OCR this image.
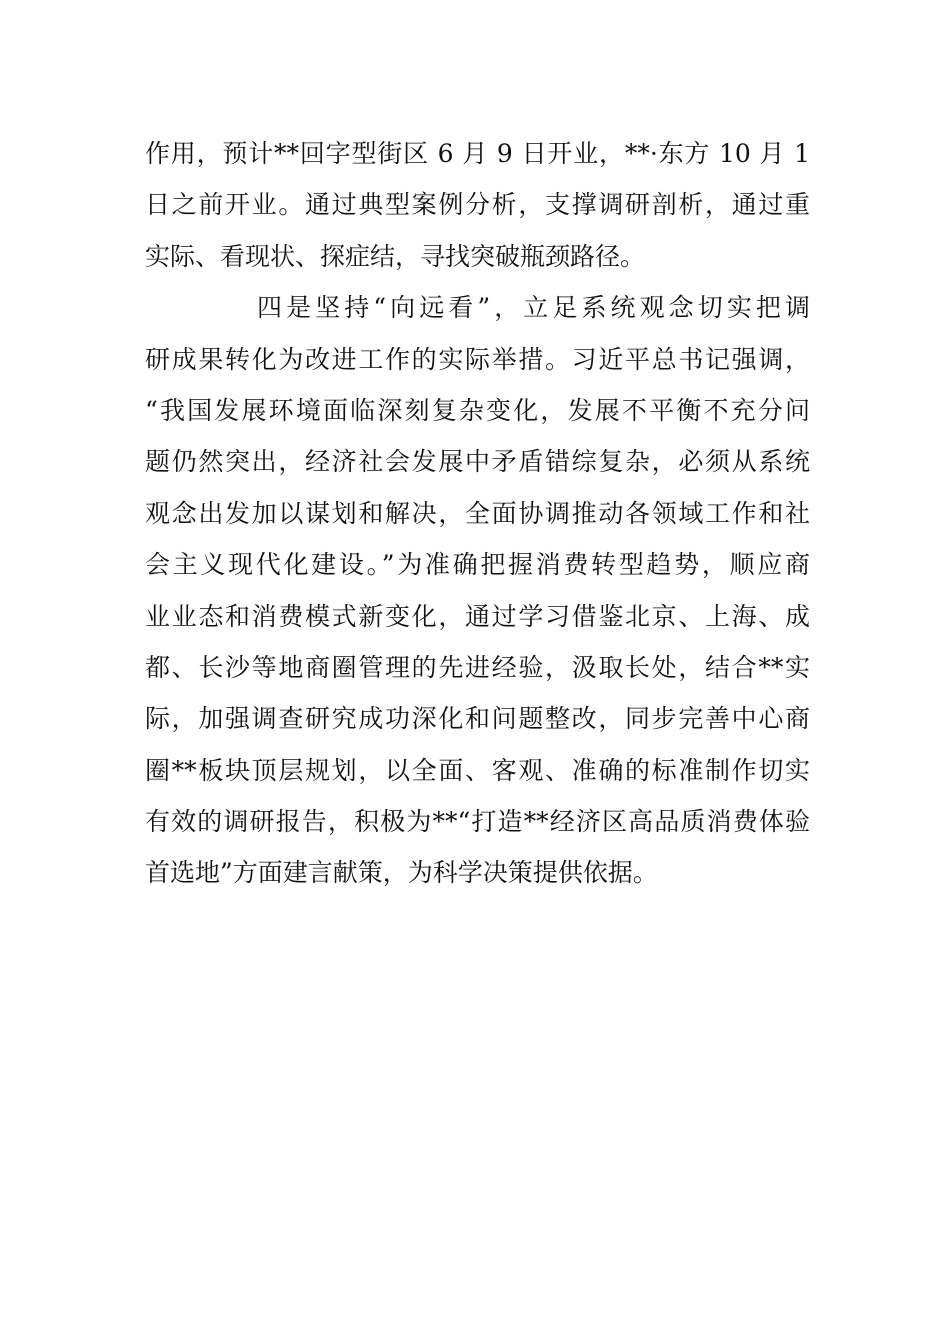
作用，预计**回字型街区 6 月 9 日开业，**·东方 10 月 1
日之前开业。通过典型案例分析，支撑调研剖析，通过重
实际、看现状、探症结，寻找突破瓶颈路径。
四是坚持“向远看”，立足系统观念切实把调
研成果转化为改进工作的实际举措。习近平总书记强调，
“我国发展环境面临深刻复杂变化，发展不平衡不充分问
题仍然突出，经济社会发展中矛盾错综复杂，必须从系统
观念出发加以谋划和解决，全面协调推动各领域工作和社
会主义现代化建设。”为准确把握消费转型趋势，顺应商
业业态和消费模式新变化，通过学习借鉴北京、上海、成
都、长沙等地商圈管理的先进经验，汲取长处，结合**实
际，加强调查研究成功深化和问题整改，同步完善中心商
圈**板块顶层规划，以全面、客观、准确的标准制作切实
有效的调研报告，积极为**“打造**经济区高品质消费体验
首选地”方面建言献策，为科学决策提供依据。
